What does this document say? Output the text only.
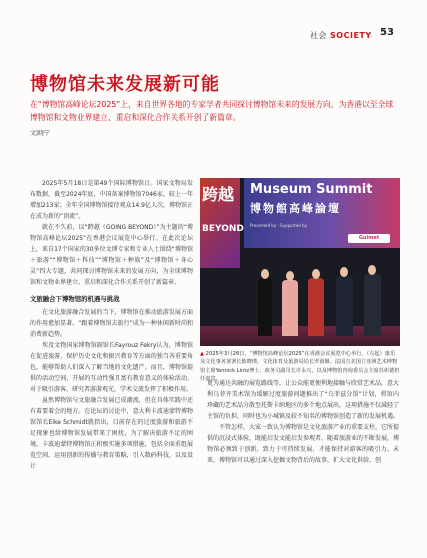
社会 SOCIETY 53
博物馆未来发展新可能

在“博物馆高峰论坛2025”上，来自世界各地的专家学者共同探讨博物馆未来的发展方向，为香港以至全球博物馆和文物业界建立、重启和深化合作关系开创了新篇章。

文|晓宁

2025年5月18日是第49个国际博物馆日。国家文物局发布数据，截至2024年底，中国备案博物馆7046家，较上一年增加213家；全年全国博物馆接待观众14.9亿人次，博物馆正在成为新的“顶流”。

就在不久前，以“跨越（GOING BEYOND）”为主题的“博物馆高峰论坛2025”在香港会议展览中心举行。在此次论坛上，来自17个国家的30多位文博专家和专业人士围绕“博物馆＋旅游”“博物馆＋科技”“博物馆＋种族”及“博物馆＋身心灵”四大专题，共同探讨博物馆未来的发展方向，为全球博物馆和文物业界建立、重启和深化合作关系开创了新篇章。

文旅融合下博物馆的机遇与挑战

在文化旅游融合发展的当下，博物馆在推动旅游发展方面的作用愈加显著。“跟着博物馆去旅行”成为一种休闲新时尚和消费新趋势。

埃及文物国家博物馆副馆长Fayrouz Fekry认为，博物馆在促进旅游、保护历史文化和振兴教育等方面的独当各重要角色，能够帮助人们深入了解当地的文化遗产。而且，博物馆提供的活动空间，开展的互动性强且富有教育意义的体验活动，对于吸引游客、研究者游游观光，学术交流发挥了积极作用。

虽然博物馆与文旅融合发展已成潮流，但在具体实践中还有着要着会的地方。在论坛的讨论中，意大利卡波迪蒙特博物馆馆长Eike Schmidt就指出，目前存在的过度旅游和旅游不足现象也给博物馆发展带来了困扰，为了解决旅游不足的困境，卡波迪蒙特博物馆正积极实施多项措施，包括全面重组展览空间，运用创新的传播与教育策略，引入数码科技，以及设计

跨越
BEYOND
Museum Summit
博物館高峰論壇
Presented by · Supported by
Gulmet

▲ 2025年3月28日，“博物馆高峰论坛2025”在香港会议展览中心举行。（左起）康乐及文化事务署署长陈晓瑛、文化体育及旅游局局长罗淑佩、法国吉美国立亚洲艺术博物馆主席Yannick Lintz博士、政务司副司长卓永兴，以及博物馆咨询委员会主席苏彰德担任嘉宾。

更为通达共融的展览路线等，让公众能更便利地接触与欣赏艺术品。意大利乌菲齐美术馆为缓解过度旅游问题推出了“乌菲兹分馆”计划，将馆内珍藏的艺术品分散至托斯卡纳地区的多个地点展出，这项措施不仅减轻了主馆的负担，同时也为小城镇及较不知名的博物馆创造了新的发展机遇。

不管怎样，大家一致认为博物馆是文化旅游产业的重要支柱，它所提供的沉浸式体验，既能启发文能启发参观者，随着旅游业的不断发展，博物馆必须致于创新，致力于可持续发展，才能保持对游客的吸引力。未来，博物馆可以通过深入挖掘文物背后的故事，扩大文化供给，创
